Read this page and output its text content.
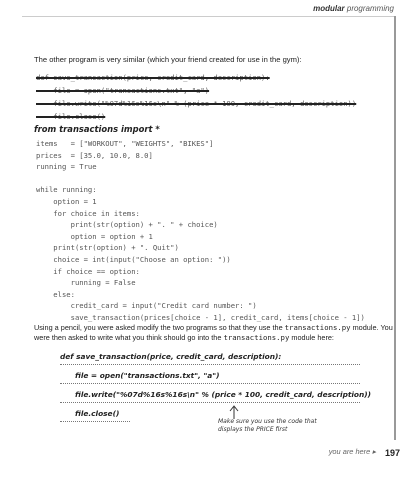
modular programming
The other program is very similar (which your friend created for use in the gym):
def save_transaction(price, credit_card, description):
file = open("transactions.txt", "a")
file.write("%07d%16s%16s\n" % (price * 100, credit_card, description))
file.close()
from transactions import *
items   = ["WORKOUT", "WEIGHTS", "BIKES"]
prices  = [35.0, 10.0, 8.0]
running = True
while running:
option = 1
for choice in items:
print(str(option) + ". " + choice)
option = option + 1
print(str(option) + ". Quit")
choice = int(input("Choose an option: "))
if choice == option:
running = False
else:
Using a pencil, you were asked modify the two programs so that they use the transactions.py module. You were then asked to write what you think should go into the transactions.py module here:
def save_transaction(price, credit_card, description):
file = open("transactions.txt", "a")
file.write("%07d%16s%16s\n" % (price * 100, credit_card, description))
file.close()
Make sure you use the code that
displays the PRICE first
you are here ▸ 197
credit_card = input("Credit card number: ")
save_transaction(prices[choice - 1], credit_card, items[choice - 1])
